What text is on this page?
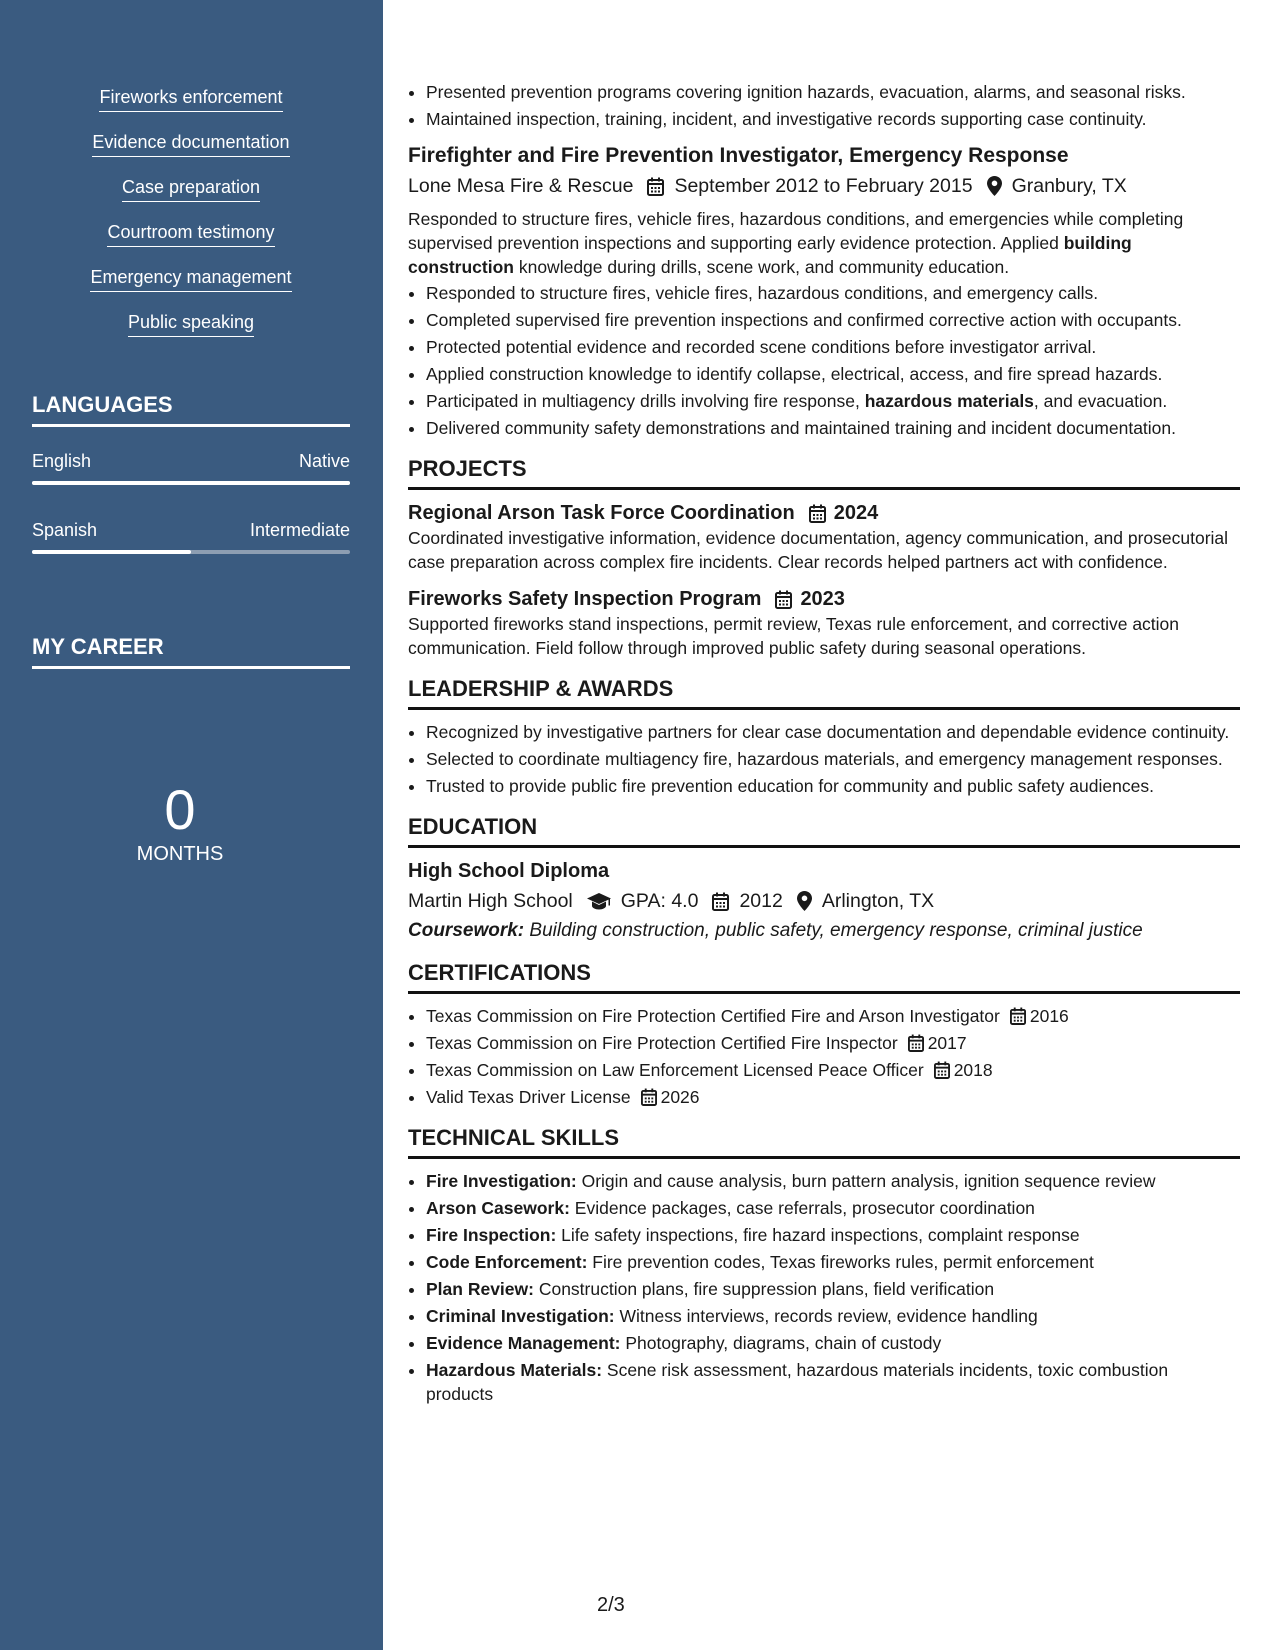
Fireworks enforcement
Evidence documentation
Case preparation
Courtroom testimony
Emergency management
Public speaking
LANGUAGES
English	Native
Spanish	Intermediate
MY CAREER
0
MONTHS
• Presented prevention programs covering ignition hazards, evacuation, alarms, and seasonal risks.
• Maintained inspection, training, incident, and investigative records supporting case continuity.
Firefighter and Fire Prevention Investigator, Emergency Response
Lone Mesa Fire & Rescue September 2012 to February 2015 Granbury, TX

Responded to structure fires, vehicle fires, hazardous conditions, and emergencies while completing supervised prevention inspections and supporting early evidence protection. Applied building construction knowledge during drills, scene work, and community education.

• Responded to structure fires, vehicle fires, hazardous conditions, and emergency calls.
• Completed supervised fire prevention inspections and confirmed corrective action with occupants.
• Protected potential evidence and recorded scene conditions before investigator arrival.
• Applied construction knowledge to identify collapse, electrical, access, and fire spread hazards.
• Participated in multiagency drills involving fire response, hazardous materials, and evacuation.
• Delivered community safety demonstrations and maintained training and incident documentation.
PROJECTS
Regional Arson Task Force Coordination 2024

Coordinated investigative information, evidence documentation, agency communication, and prosecutorial case preparation across complex fire incidents. Clear records helped partners act with confidence.

Fireworks Safety Inspection Program 2023

Supported fireworks stand inspections, permit review, Texas rule enforcement, and corrective action communication. Field follow through improved public safety during seasonal operations.

LEADERSHIP & AWARDS
• Recognized by investigative partners for clear case documentation and dependable evidence continuity.
• Selected to coordinate multiagency fire, hazardous materials, and emergency management responses.
• Trusted to provide public fire prevention education for community and public safety audiences.
EDUCATION
High School Diploma
Martin High School GPA: 4.0 2012 Arlington, TX
Coursework: Building construction, public safety, emergency response, criminal justice
CERTIFICATIONS
• Texas Commission on Fire Protection Certified Fire and Arson Investigator 2016
• Texas Commission on Fire Protection Certified Fire Inspector 2017
• Texas Commission on Law Enforcement Licensed Peace Officer 2018
• Valid Texas Driver License 2026
TECHNICAL SKILLS
• Fire Investigation: Origin and cause analysis, burn pattern analysis, ignition sequence review
• Arson Casework: Evidence packages, case referrals, prosecutor coordination
• Fire Inspection: Life safety inspections, fire hazard inspections, complaint response
• Code Enforcement: Fire prevention codes, Texas fireworks rules, permit enforcement
• Plan Review: Construction plans, fire suppression plans, field verification
• Criminal Investigation: Witness interviews, records review, evidence handling
• Evidence Management: Photography, diagrams, chain of custody
• Hazardous Materials: Scene risk assessment, hazardous materials incidents, toxic combustion products
2/3
